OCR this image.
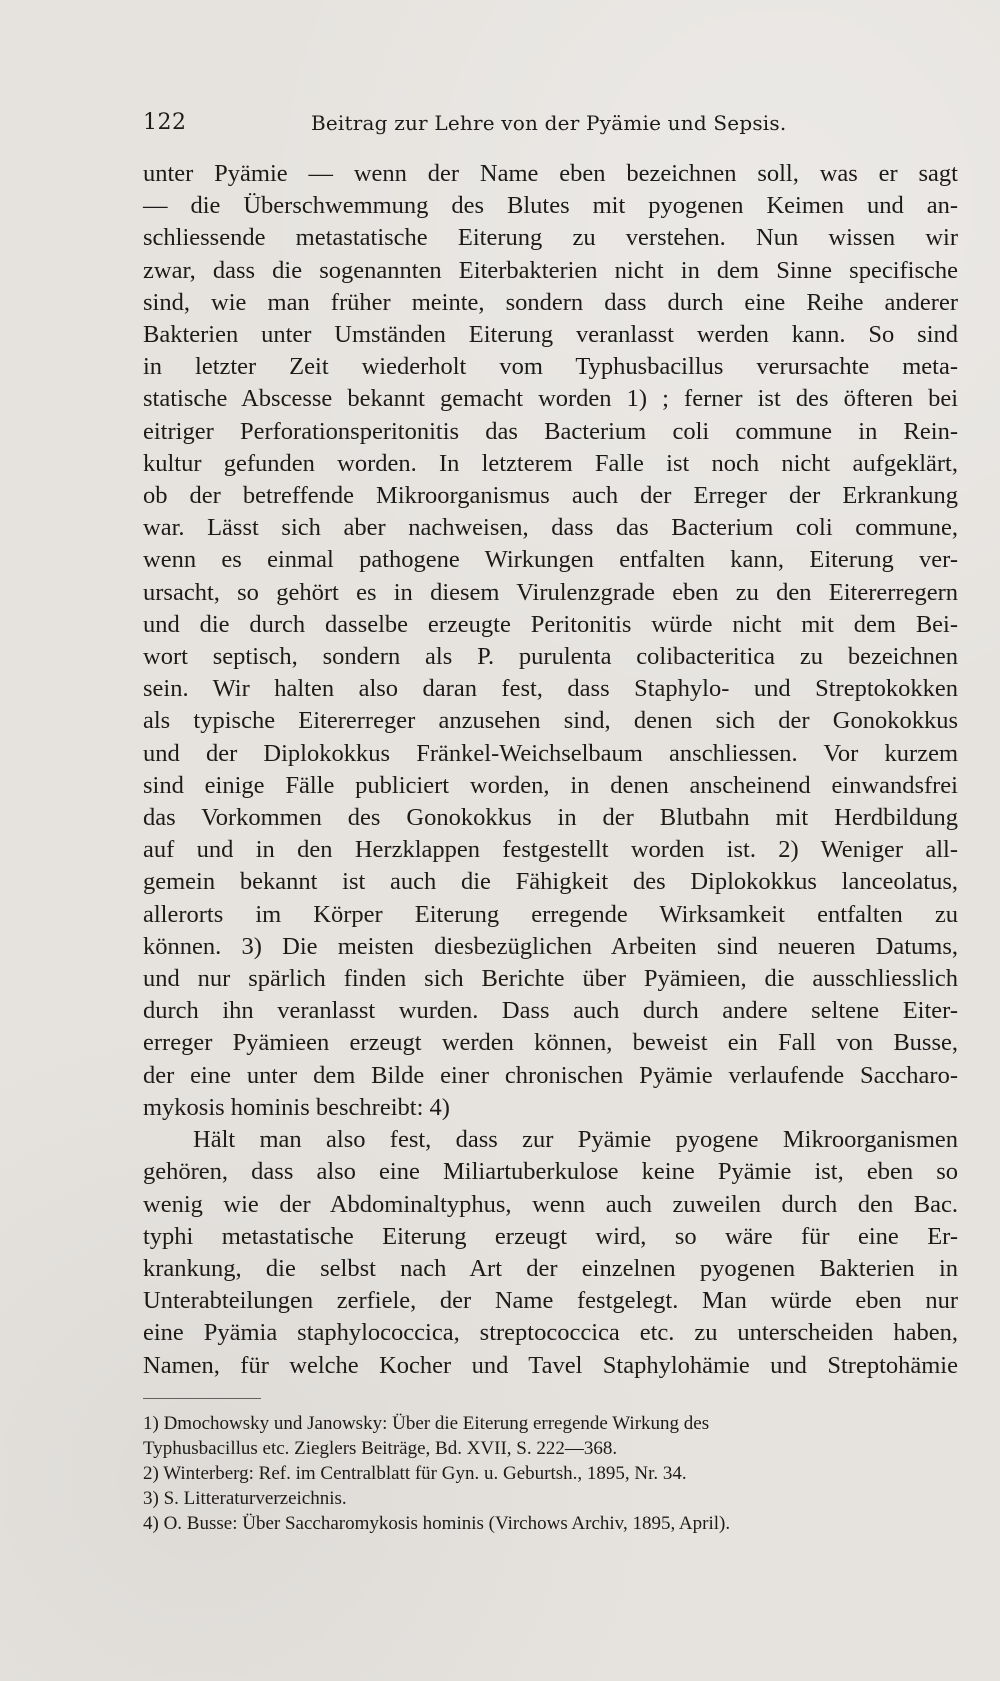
122	Beitrag zur Lehre von der Pyämie und Sepsis.
unter Pyämie — wenn der Name eben bezeichnen soll, was er sagt
— die Überschwemmung des Blutes mit pyogenen Keimen und an-
schliessende metastatische Eiterung zu verstehen. Nun wissen wir
zwar, dass die sogenannten Eiterbakterien nicht in dem Sinne specifische
sind, wie man früher meinte, sondern dass durch eine Reihe anderer
Bakterien unter Umständen Eiterung veranlasst werden kann. So sind
in letzter Zeit wiederholt vom Typhusbacillus verursachte meta-
statische Abscesse bekannt gemacht worden 1) ; ferner ist des öfteren bei
eitriger Perforationsperitonitis das Bacterium coli commune in Rein-
kultur gefunden worden. In letzterem Falle ist noch nicht aufgeklärt,
ob der betreffende Mikroorganismus auch der Erreger der Erkrankung
war. Lässt sich aber nachweisen, dass das Bacterium coli commune,
wenn es einmal pathogene Wirkungen entfalten kann, Eiterung ver-
ursacht, so gehört es in diesem Virulenzgrade eben zu den Eitererregern
und die durch dasselbe erzeugte Peritonitis würde nicht mit dem Bei-
wort septisch, sondern als P. purulenta colibacteritica zu bezeichnen
sein. Wir halten also daran fest, dass Staphylo- und Streptokokken
als typische Eitererreger anzusehen sind, denen sich der Gonokokkus
und der Diplokokkus Fränkel-Weichselbaum anschliessen. Vor kurzem
sind einige Fälle publiciert worden, in denen anscheinend einwandsfrei
das Vorkommen des Gonokokkus in der Blutbahn mit Herdbildung
auf und in den Herzklappen festgestellt worden ist. 2) Weniger all-
gemein bekannt ist auch die Fähigkeit des Diplokokkus lanceolatus,
allerorts im Körper Eiterung erregende Wirksamkeit entfalten zu
können. 3) Die meisten diesbezüglichen Arbeiten sind neueren Datums,
und nur spärlich finden sich Berichte über Pyämieen, die ausschliesslich
durch ihn veranlasst wurden. Dass auch durch andere seltene Eiter-
erreger Pyämieen erzeugt werden können, beweist ein Fall von Busse,
der eine unter dem Bilde einer chronischen Pyämie verlaufende Saccharo-
mykosis hominis beschreibt: 4)
Hält man also fest, dass zur Pyämie pyogene Mikroorganismen
gehören, dass also eine Miliartuberkulose keine Pyämie ist, eben so
wenig wie der Abdominaltyphus, wenn auch zuweilen durch den Bac.
typhi metastatische Eiterung erzeugt wird, so wäre für eine Er-
krankung, die selbst nach Art der einzelnen pyogenen Bakterien in
Unterabteilungen zerfiele, der Name festgelegt. Man würde eben nur
eine Pyämia staphylococcica, streptococcica etc. zu unterscheiden haben,
Namen, für welche Kocher und Tavel Staphylohämie und Streptohämie
1) Dmochowsky und Janowsky: Über die Eiterung erregende Wirkung des
Typhusbacillus etc. Zieglers Beiträge, Bd. XVII, S. 222—368.
2) Winterberg: Ref. im Centralblatt für Gyn. u. Geburtsh., 1895, Nr. 34.
3) S. Litteraturverzeichnis.
4) O. Busse: Über Saccharomykosis hominis (Virchows Archiv, 1895, April).
